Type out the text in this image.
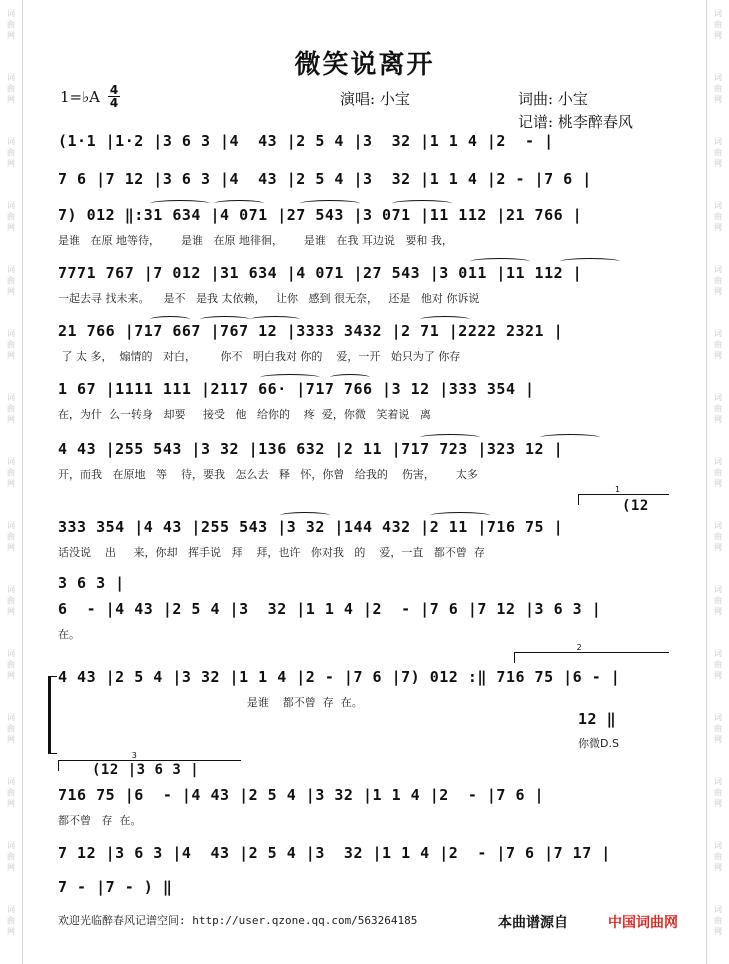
词
曲
网
词
曲
网
词
曲
网
词
曲
网
词
曲
网
词
曲
网
词
曲
网
词
曲
网
词
曲
网
词
曲
网
词
曲
网
词
曲
网
词
曲
网
词
曲
网
词
曲
网
词
曲
网
词
曲
网
词
曲
网
词
曲
网
词
曲
网
词
曲
网
词
曲
网
词
曲
网
词
曲
网
词
曲
网
词
曲
网
词
曲
网
词
曲
网
词
曲
网
词
曲
网
微笑说离开
1=♭A 4
4	演唱: 小宝	词曲: 小宝
记谱: 桃李醉春风
(1·1 |1·2 |3 6 3 |4  43 |2 5 4 |3  32 |1 1 4 |2  - |
7 6 |7 12 |3 6 3 |4  43 |2 5 4 |3  32 |1 1 4 |2 - |7 6 |
7) 012 ‖:31 634 |4 071 |27 543 |3 071 |11 112 |21 766 |
是谁   在原 地等待，      是谁   在原 地徘徊，      是谁   在我 耳边说   要和 我，
7771 767 |7 012 |31 634 |4 071 |27 543 |3 011 |11 112 |
一起去寻 找未来。    是不   是我 太依赖，   让你   感到 很无奈，   还是   他对 你诉说
21 766 |717 667 |767 12 |3333 3432 |2 71 |2222 2321 |
了 太 多，  煽情的   对白，       你不   明白我对 你的    爱，一开   始只为了 你存
1 67 |1111 111 |2117 66· |717 766 |3 12 |333 354 |
在，为什  么一转身   却要     接受   他   给你的    疼  爱，你微   笑着说   离
4 43 |255 543 |3 32 |136 632 |2 11 |717 723 |323 12 |
开，而我   在原地   等    待，要我   怎么去   释   怀，你曾   给我的    伤害，      太多
333 354 |4 43 |255 543 |3 32 |144 432 |2 11 |716 75 |
话没说    出     来，你却   挥手说   拜    拜，也许   你对我   的    爱，一直   都不曾  存
6  - |4 43 |2 5 4 |3  32 |1 1 4 |2  - |7 6 |7 12 |3 6 3 |
在。
4 43 |2 5 4 |3 32 |1 1 4 |2 - |7 6 |7) 012 :‖ 716 75 |6 - |
是谁    都不曾  存  在。
716 75 |6  - |4 43 |2 5 4 |3 32 |1 1 4 |2  - |7 6 |
都不曾   存  在。
7 12 |3 6 3 |4  43 |2 5 4 |3  32 |1 1 4 |2  - |7 6 |7 17 |
7 - |7 - ) ‖
1
(12
3 6 3 |
2
12 ‖
你微D.S
3
(12 |3 6 3 |
欢迎光临醉春风记谱空间: http://user.qzone.qq.com/563264185	本曲谱源自	中国词曲网
